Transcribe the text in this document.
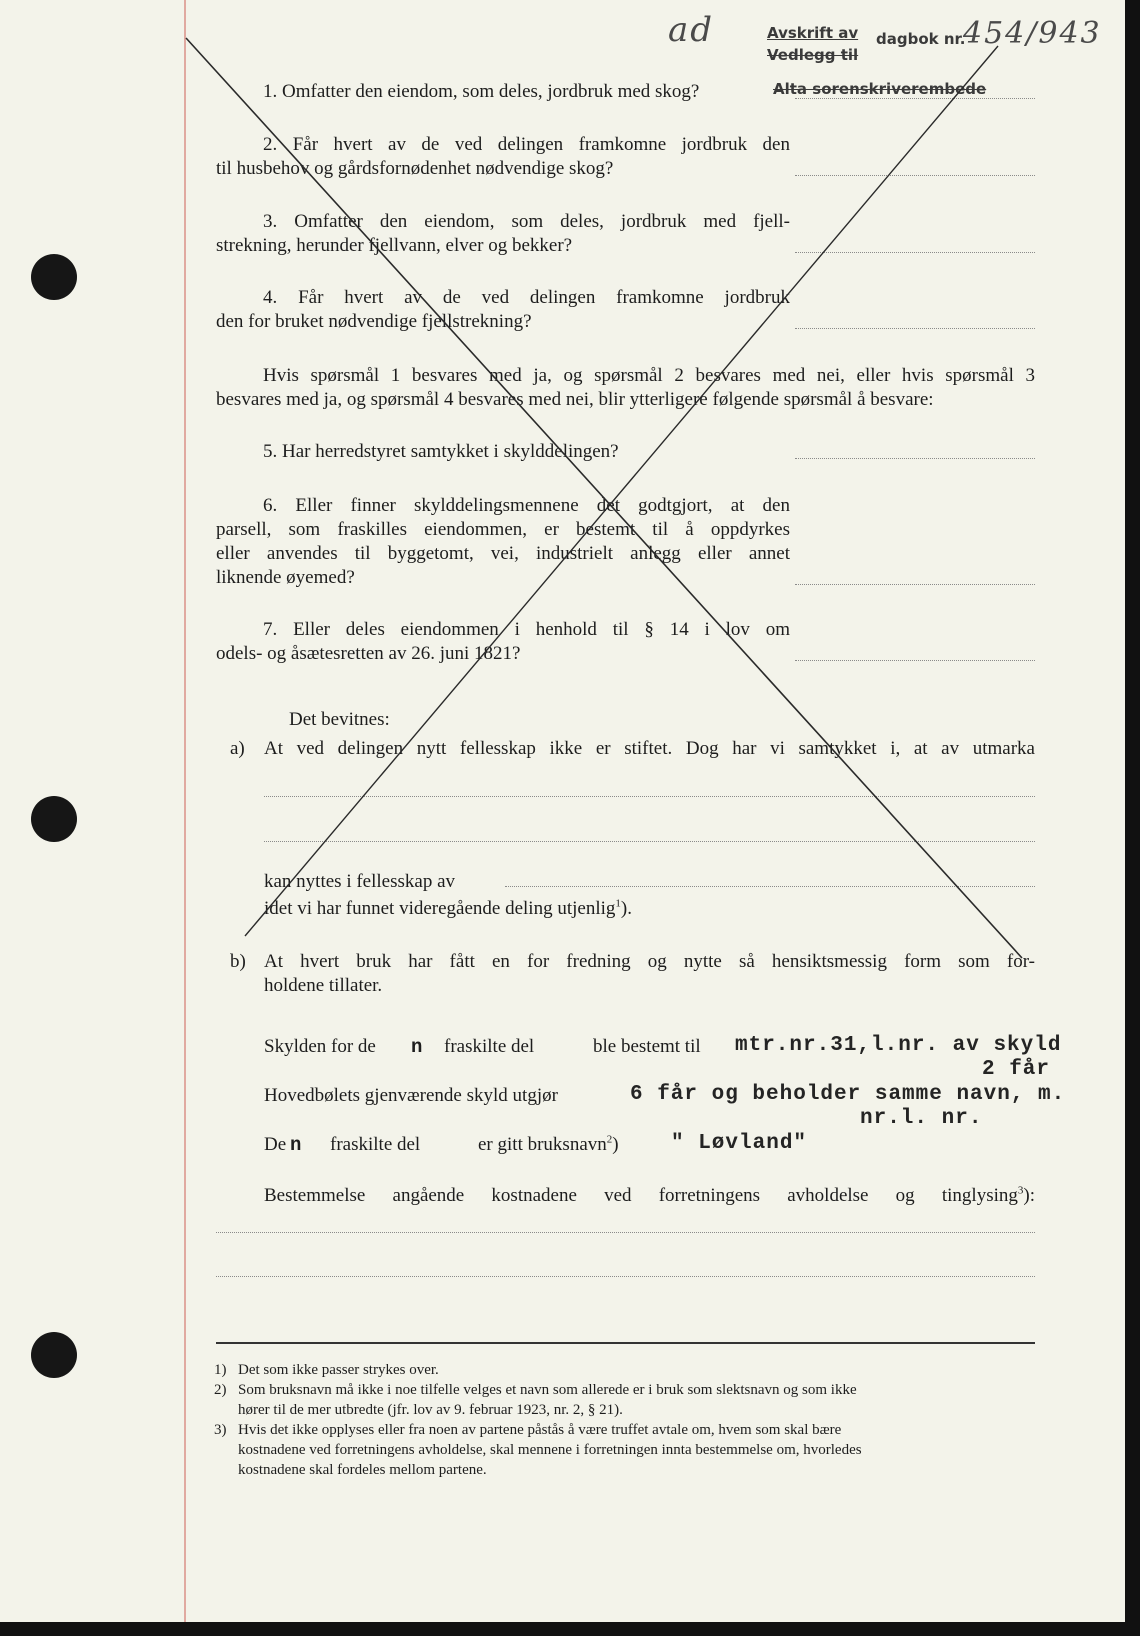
ad	Avskrift av dagbok nr.
Vedlegg til
454/943
Alta sorenskriverembede
1. Omfatter den eiendom, som deles, jordbruk med skog?
2. Får hvert av de ved delingen framkomne jordbruk den
til husbehov og gårdsfornødenhet nødvendige skog?
3. Omfatter den eiendom, som deles, jordbruk med fjell-
strekning, herunder fjellvann, elver og bekker?
4. Får hvert av de ved delingen framkomne jordbruk
den for bruket nødvendige fjellstrekning?
Hvis spørsmål 1 besvares med ja, og spørsmål 2 besvares med nei, eller hvis spørsmål 3
besvares med ja, og spørsmål 4 besvares med nei, blir ytterligere følgende spørsmål å besvare:
5. Har herredstyret samtykket i skylddelingen?
6. Eller finner skylddelingsmennene det godtgjort, at den
parsell, som fraskilles eiendommen, er bestemt til å oppdyrkes
eller anvendes til byggetomt, vei, industrielt anlegg eller annet
liknende øyemed?
7. Eller deles eiendommen i henhold til § 14 i lov om
odels- og åsætesretten av 26. juni 1821?
Det bevitnes:
a) At ved delingen nytt fellesskap ikke er stiftet. Dog har vi samtykket i, at av utmarka
kan nyttes i fellesskap av
idet vi har funnet videregående deling utjenlig$^1$).
b) At hvert bruk har fått en for fredning og nytte så hensiktsmessig form som for-
holdene tillater.
Skylden for de n fraskilte del	ble bestemt til mtr.nr.31,l.nr. av skyld
2 får
Hovedbølets gjenværende skyld utgjør	6 får og beholder samme navn, m.
nr.l. nr.
De n fraskilte del	er gitt bruksnavn$^2$) " Løvland"
Bestemmelse angående kostnadene ved forretningens avholdelse og tinglysing$^3$):
1) Det som ikke passer strykes over.
2) Som bruksnavn må ikke i noe tilfelle velges et navn som allerede er i bruk som slektsnavn og som ikke
hører til de mer utbredte (jfr. lov av 9. februar 1923, nr. 2, § 21).
3) Hvis det ikke opplyses eller fra noen av partene påstås å være truffet avtale om, hvem som skal bære
kostnadene ved forretningens avholdelse, skal mennene i forretningen innta bestemmelse om, hvorledes
kostnadene skal fordeles mellom partene.
